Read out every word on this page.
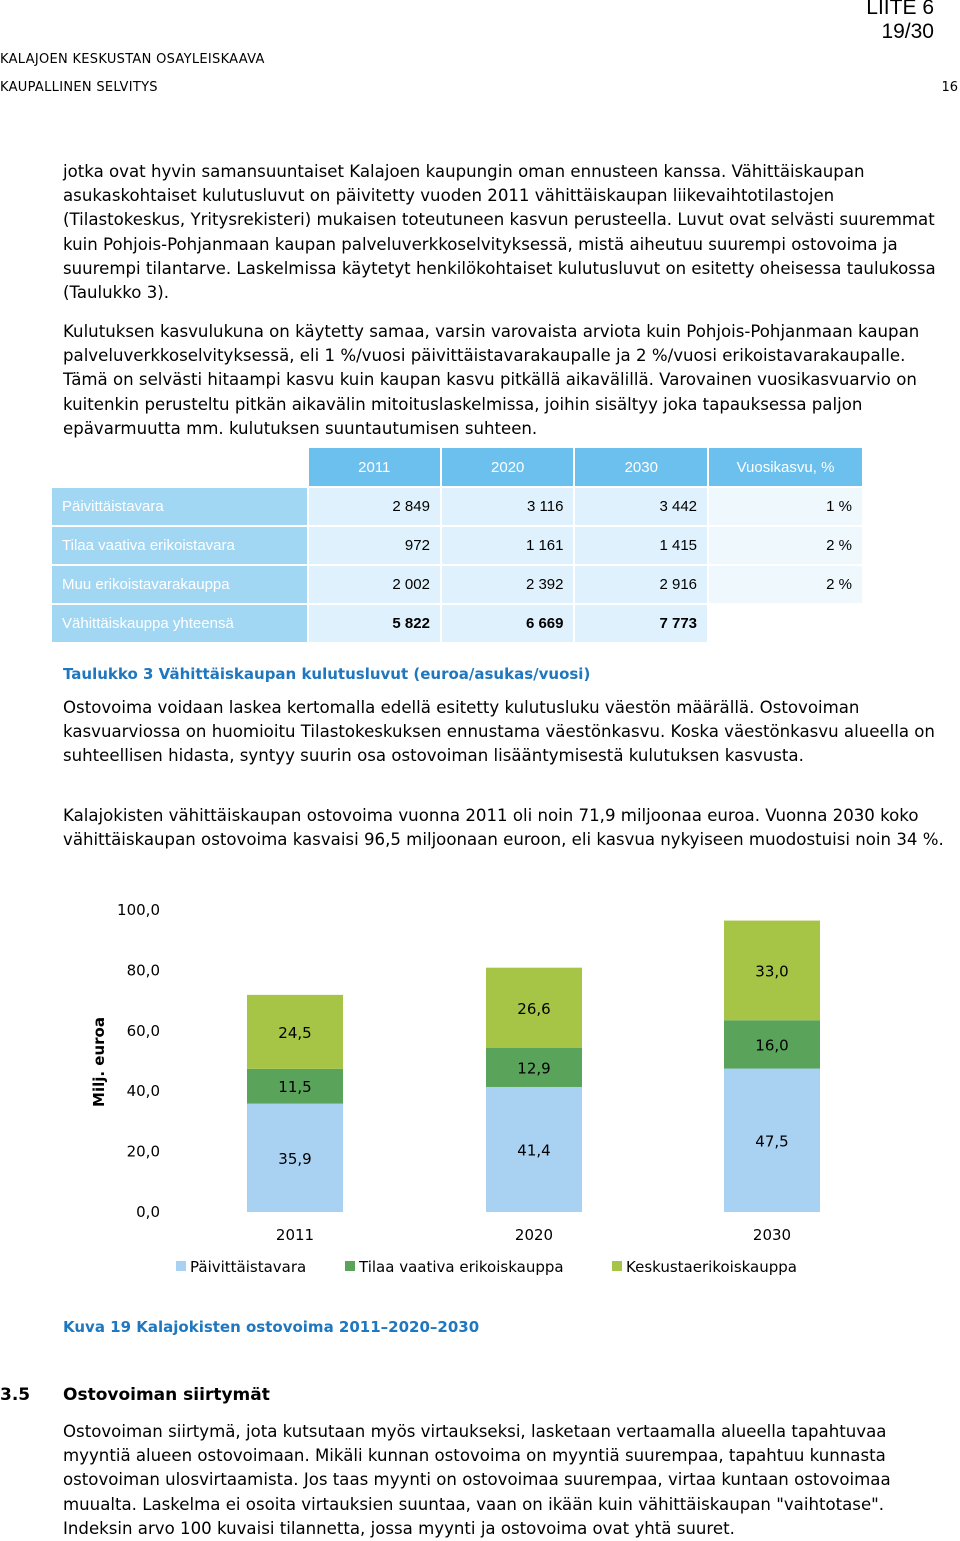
LIITE 6
19/30
KALAJOEN KESKUSTAN OSAYLEISKAAVA
KAUPALLINEN SELVITYS	16

jotka ovat hyvin samansuuntaiset Kalajoen kaupungin oman ennusteen kanssa. Vähittäiskaupan asukaskohtaiset kulutusluvut on päivitetty vuoden 2011 vähittäiskaupan liikevaihtotilastojen (Tilastokeskus, Yritysrekisteri) mukaisen toteutuneen kasvun perusteella. Luvut ovat selvästi suuremmat kuin Pohjois-Pohjanmaan kaupan palveluverkkoselvityksessä, mistä aiheutuu suurempi ostovoima ja suurempi tilantarve. Laskelmissa käytetyt henkilökohtaiset kulutusluvut on esitetty oheisessa taulukossa (Taulukko 3).

Kulutuksen kasvulukuna on käytetty samaa, varsin varovaista arviota kuin Pohjois-Pohjanmaan kaupan palveluverkkoselvityksessä, eli 1 %/vuosi päivittäistavarakaupalle ja 2 %/vuosi erikoistavarakaupalle. Tämä on selvästi hitaampi kasvu kuin kaupan kasvu pitkällä aikavälillä. Varovainen vuosikasvuarvio on kuitenkin perusteltu pitkän aikavälin mitoituslaskelmissa, joihin sisältyy joka tapauksessa paljon epävarmuutta mm. kulutuksen suuntautumisen suhteen.

	2011	2020	2030	Vuosikasvu, %
Päivittäistavara	2 849	3 116	3 442	1 %
Tilaa vaativa erikoistavara	972	1 161	1 415	2 %
Muu erikoistavarakauppa	2 002	2 392	2 916	2 %
Vähittäiskauppa yhteensä	5 822	6 669	7 773	
Taulukko 3 Vähittäiskaupan kulutusluvut (euroa/asukas/vuosi)

Ostovoima voidaan laskea kertomalla edellä esitetty kulutusluku väestön määrällä. Ostovoiman kasvuarviossa on huomioitu Tilastokeskuksen ennustama väestönkasvu. Koska väestönkasvu alueella on suhteellisen hidasta, syntyy suurin osa ostovoiman lisääntymisestä kulutuksen kasvusta.

Kalajokisten vähittäiskaupan ostovoima vuonna 2011 oli noin 71,9 miljoonaa euroa. Vuonna 2030 koko vähittäiskaupan ostovoima kasvaisi 96,5 miljoonaan euroon, eli kasvua nykyiseen muodostuisi noin 34 %.

0,0
20,0
40,0
60,0
80,0
100,0
Milj. euroa
35,9
11,5
24,5
41,4
12,9
26,6
47,5
16,0
33,0
2011	2020	2030
Päivittäistavara	Tilaa vaativa erikoiskauppa	Keskustaerikoiskauppa
Kuva 19 Kalajokisten ostovoima 2011–2020–2030
3.5 Ostovoiman siirtymät

Ostovoiman siirtymä, jota kutsutaan myös virtaukseksi, lasketaan vertaamalla alueella tapahtuvaa myyntiä alueen ostovoimaan. Mikäli kunnan ostovoima on myyntiä suurempaa, tapahtuu kunnasta ostovoiman ulosvirtaamista. Jos taas myynti on ostovoimaa suurempaa, virtaa kuntaan ostovoimaa muualta. Laskelma ei osoita virtauksien suuntaa, vaan on ikään kuin vähittäiskaupan "vaihtotase". Indeksin arvo 100 kuvaisi tilannetta, jossa myynti ja ostovoima ovat yhtä suuret.
